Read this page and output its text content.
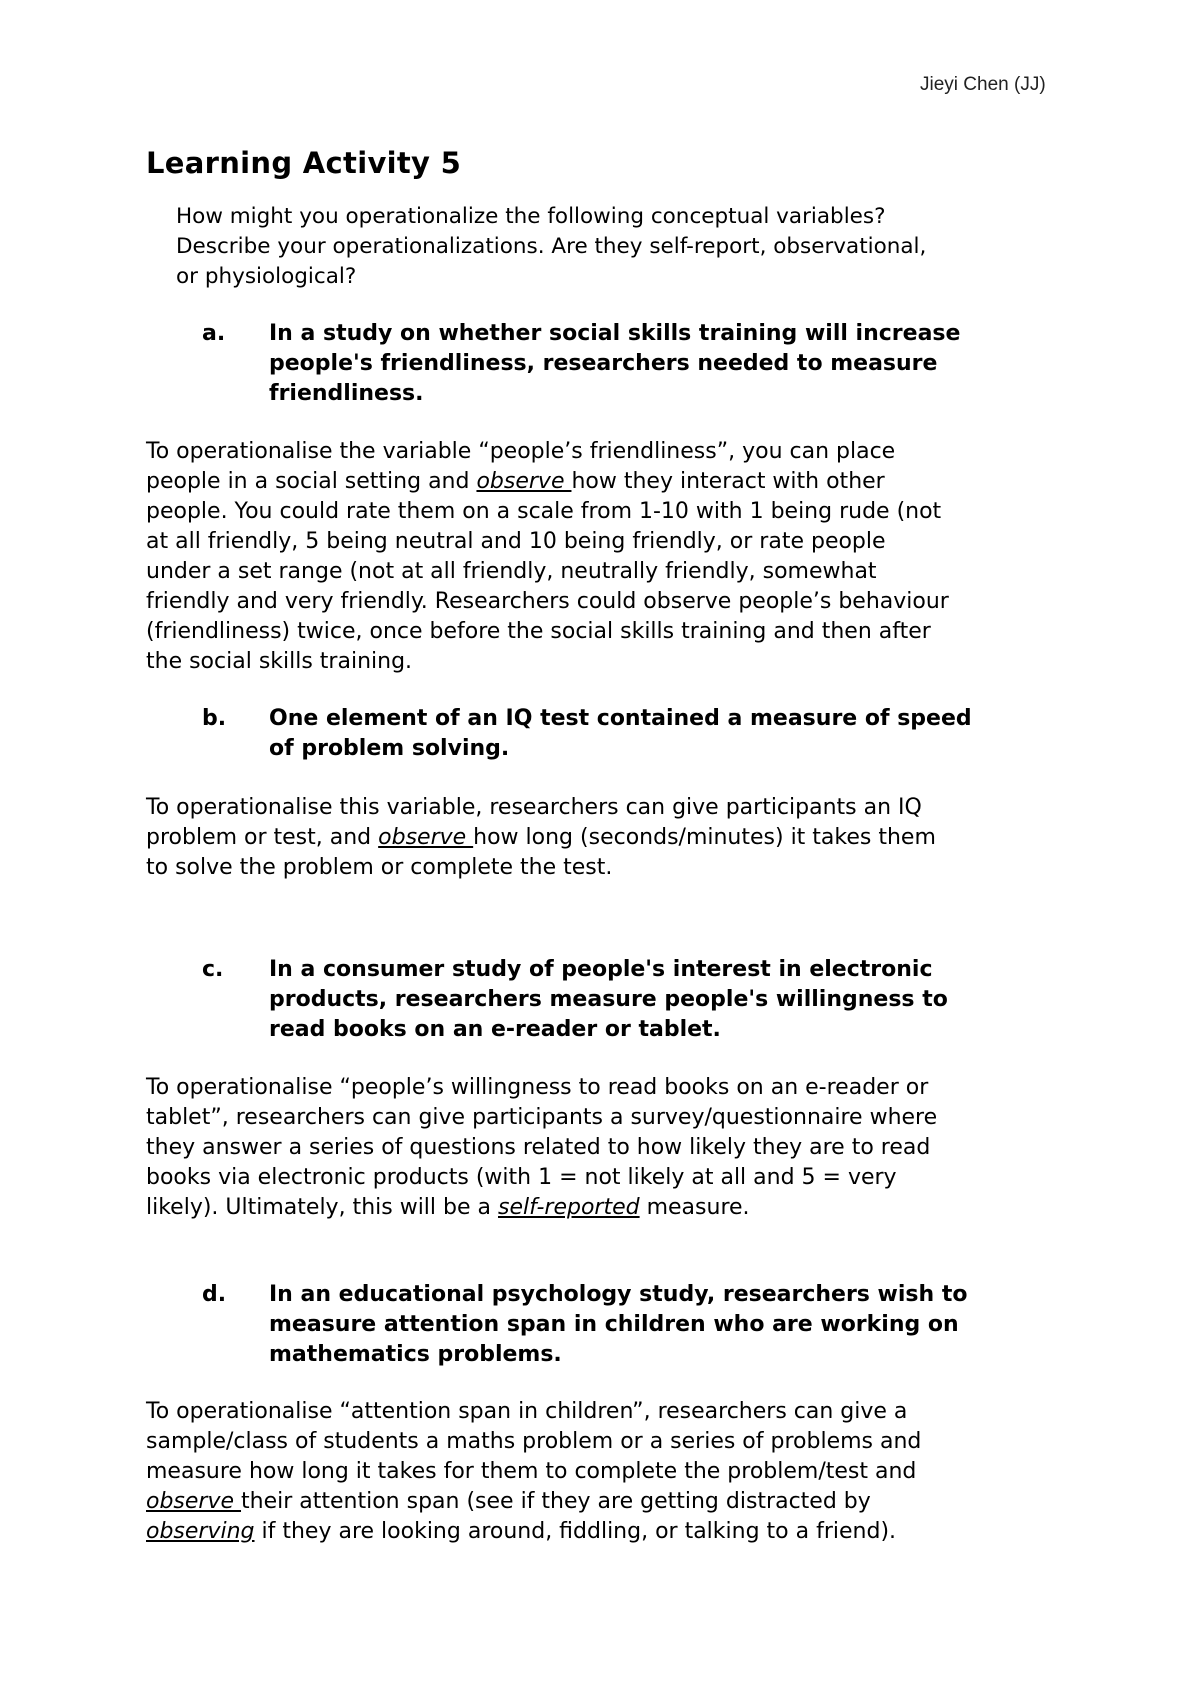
Jieyi Chen (JJ)
Learning Activity 5
How might you operationalize the following conceptual variables?
Describe your operationalizations. Are they self-report, observational,
or physiological?
a. In a study on whether social skills training will increase
people's friendliness, researchers needed to measure
friendliness.
To operationalise the variable “people’s friendliness”, you can place
people in a social setting and observe how they interact with other
people. You could rate them on a scale from 1-10 with 1 being rude (not
at all friendly, 5 being neutral and 10 being friendly, or rate people
under a set range (not at all friendly, neutrally friendly, somewhat
friendly and very friendly. Researchers could observe people’s behaviour
(friendliness) twice, once before the social skills training and then after
the social skills training.
b. One element of an IQ test contained a measure of speed
of problem solving.
To operationalise this variable, researchers can give participants an IQ
problem or test, and observe how long (seconds/minutes) it takes them
to solve the problem or complete the test.
c. In a consumer study of people's interest in electronic
products, researchers measure people's willingness to
read books on an e-reader or tablet.
To operationalise “people’s willingness to read books on an e-reader or
tablet”, researchers can give participants a survey/questionnaire where
they answer a series of questions related to how likely they are to read
books via electronic products (with 1 = not likely at all and 5 = very
likely). Ultimately, this will be a self-reported measure.
d. In an educational psychology study, researchers wish to
measure attention span in children who are working on
mathematics problems.
To operationalise “attention span in children”, researchers can give a
sample/class of students a maths problem or a series of problems and
measure how long it takes for them to complete the problem/test and
observe their attention span (see if they are getting distracted by
observing if they are looking around, fiddling, or talking to a friend).
